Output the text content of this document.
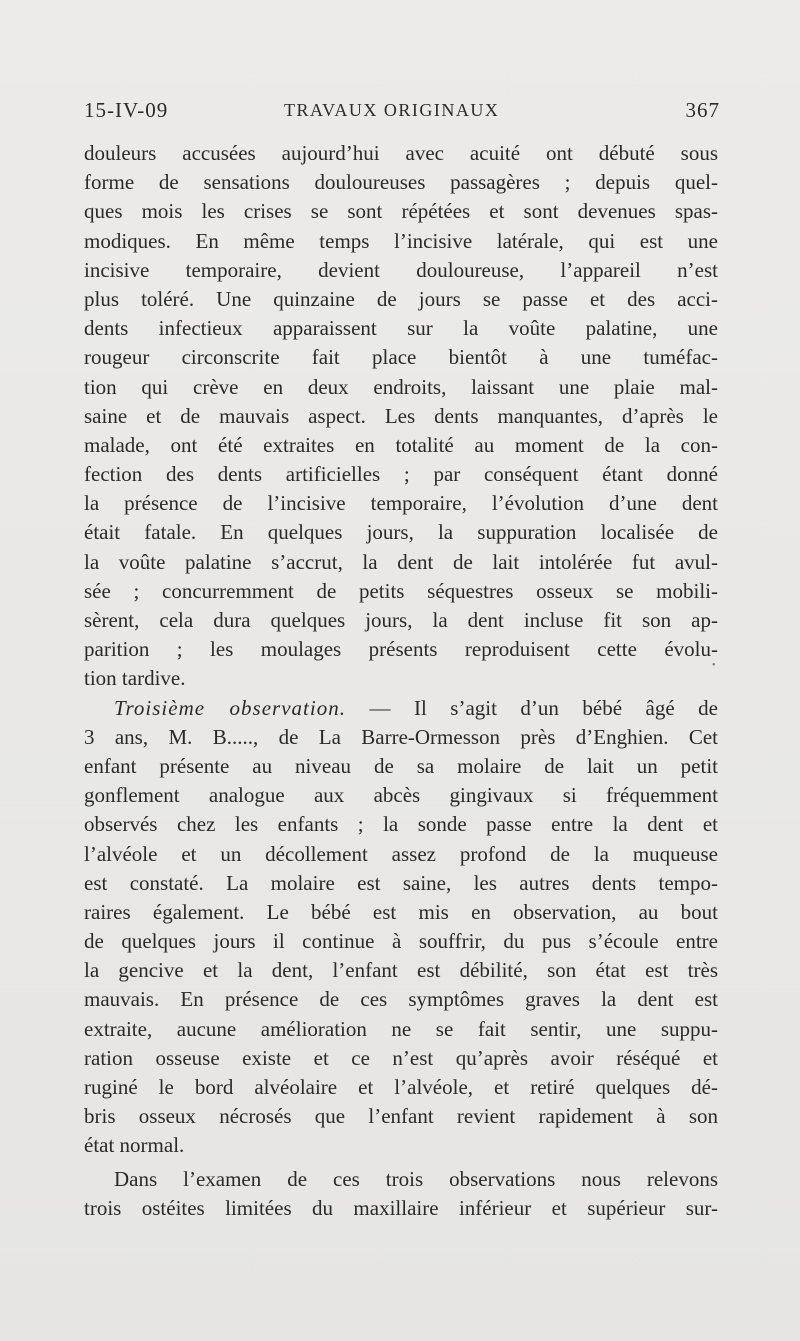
15-IV-09	TRAVAUX ORIGINAUX	367
douleurs accusées aujourd’hui avec acuité ont débuté sous
forme de sensations douloureuses passagères ; depuis quel-
ques mois les crises se sont répétées et sont devenues spas-
modiques. En même temps l’incisive latérale, qui est une
incisive temporaire, devient douloureuse, l’appareil n’est
plus toléré. Une quinzaine de jours se passe et des acci-
dents infectieux apparaissent sur la voûte palatine, une
rougeur circonscrite fait place bientôt à une tuméfac-
tion qui crève en deux endroits, laissant une plaie mal-
saine et de mauvais aspect. Les dents manquantes, d’après le
malade, ont été extraites en totalité au moment de la con-
fection des dents artificielles ; par conséquent étant donné
la présence de l’incisive temporaire, l’évolution d’une dent
était fatale. En quelques jours, la suppuration localisée de
la voûte palatine s’accrut, la dent de lait intolérée fut avul-
sée ; concurremment de petits séquestres osseux se mobili-
sèrent, cela dura quelques jours, la dent incluse fit son ap-
parition ; les moulages présents reproduisent cette évolu-
tion tardive.
Troisième observation. — Il s’agit d’un bébé âgé de
3 ans, M. B....., de La Barre-Ormesson près d’Enghien. Cet
enfant présente au niveau de sa molaire de lait un petit
gonflement analogue aux abcès gingivaux si fréquemment
observés chez les enfants ; la sonde passe entre la dent et
l’alvéole et un décollement assez profond de la muqueuse
est constaté. La molaire est saine, les autres dents tempo-
raires également. Le bébé est mis en observation, au bout
de quelques jours il continue à souffrir, du pus s’écoule entre
la gencive et la dent, l’enfant est débilité, son état est très
mauvais. En présence de ces symptômes graves la dent est
extraite, aucune amélioration ne se fait sentir, une suppu-
ration osseuse existe et ce n’est qu’après avoir réséqué et
ruginé le bord alvéolaire et l’alvéole, et retiré quelques dé-
bris osseux nécrosés que l’enfant revient rapidement à son
état normal.
Dans l’examen de ces trois observations nous relevons
trois ostéites limitées du maxillaire inférieur et supérieur sur-
•
